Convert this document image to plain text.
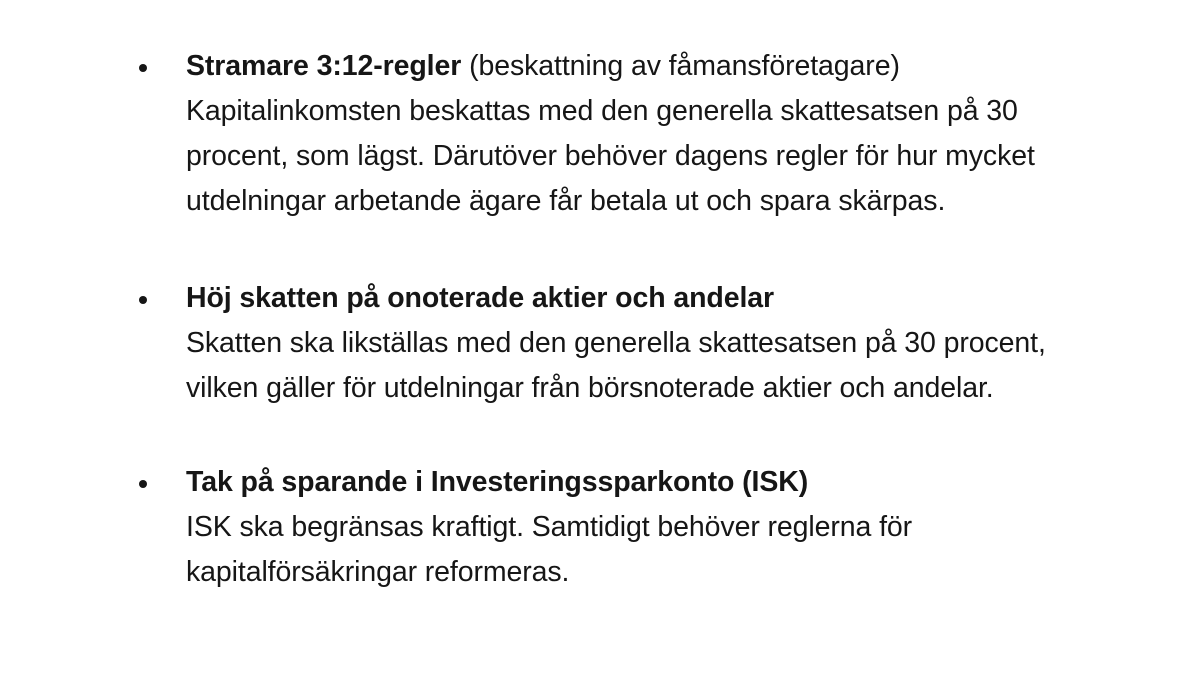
Stramare 3:12-regler (beskattning av fåmansföretagare)
Kapitalinkomsten beskattas med den generella skattesatsen på 30
procent, som lägst. Därutöver behöver dagens regler för hur mycket
utdelningar arbetande ägare får betala ut och spara skärpas.
Höj skatten på onoterade aktier och andelar
Skatten ska likställas med den generella skattesatsen på 30 procent,
vilken gäller för utdelningar från börsnoterade aktier och andelar.
Tak på sparande i Investeringssparkonto (ISK)
ISK ska begränsas kraftigt. Samtidigt behöver reglerna för
kapitalförsäkringar reformeras.
